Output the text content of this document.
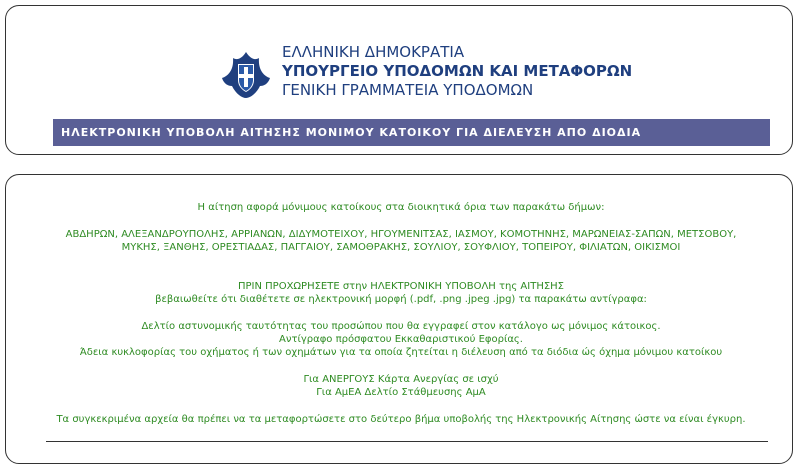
ΕΛΛΗΝΙΚΗ ΔΗΜΟΚΡΑΤΙΑ
ΥΠΟΥΡΓΕΙΟ ΥΠΟΔΟΜΩΝ ΚΑΙ ΜΕΤΑΦΟΡΩΝ
ΓΕΝΙΚΗ ΓΡΑΜΜΑΤΕΙΑ ΥΠΟΔΟΜΩΝ
ΗΛΕΚΤΡΟΝΙΚΗ ΥΠΟΒΟΛΗ ΑΙΤΗΣΗΣ ΜΟΝΙΜΟΥ ΚΑΤΟΙΚΟΥ ΓΙΑ ΔΙΕΛΕΥΣΗ ΑΠΟ ΔΙΟΔΙΑ

Η αίτηση αφορά μόνιμους κατοίκους στα διοικητικά όρια των παρακάτω δήμων:

ΑΒΔΗΡΩΝ, ΑΛΕΞΑΝΔΡΟΥΠΟΛΗΣ, ΑΡΡΙΑΝΩΝ, ΔΙΔΥΜΟΤΕΙΧΟΥ, ΗΓΟΥΜΕΝΙΤΣΑΣ, ΙΑΣΜΟΥ, ΚΟΜΟΤΗΝΗΣ, ΜΑΡΩΝΕΙΑΣ-ΣΑΠΩΝ, ΜΕΤΣΟΒΟΥ,

ΜΥΚΗΣ, ΞΑΝΘΗΣ, ΟΡΕΣΤΙΑΔΑΣ, ΠΑΓΓΑΙΟΥ, ΣΑΜΟΘΡΑΚΗΣ, ΣΟΥΛΙΟΥ, ΣΟΥΦΛΙΟΥ, ΤΟΠΕΙΡΟΥ, ΦΙΛΙΑΤΩΝ, ΟΙΚΙΣΜΟΙ

ΠΡΙΝ ΠΡΟΧΩΡΗΣΕΤΕ στην ΗΛΕΚΤΡΟΝΙΚΗ ΥΠΟΒΟΛΗ της ΑΙΤΗΣΗΣ

βεβαιωθείτε ότι διαθέτετε σε ηλεκτρονική μορφή (.pdf, .png .jpeg .jpg) τα παρακάτω αντίγραφα:

Δελτίο αστυνομικής ταυτότητας του προσώπου που θα εγγραφεί στον κατάλογο ως μόνιμος κάτοικος.

Αντίγραφο πρόσφατου Εκκαθαριστικού Εφορίας.

Άδεια κυκλοφορίας του οχήματος ή των οχημάτων για τα οποία ζητείται η διέλευση από τα διόδια ώς όχημα μόνιμου κατοίκου

Για ΑΝΕΡΓΟΥΣ Κάρτα Ανεργίας σε ισχύ

Για ΑμΕΑ Δελτίο Στάθμευσης ΑμΑ

Τα συγκεκριμένα αρχεία θα πρέπει να τα μεταφορτώσετε στο δεύτερο βήμα υποβολής της Ηλεκτρονικής Αίτησης ώστε να είναι έγκυρη.
